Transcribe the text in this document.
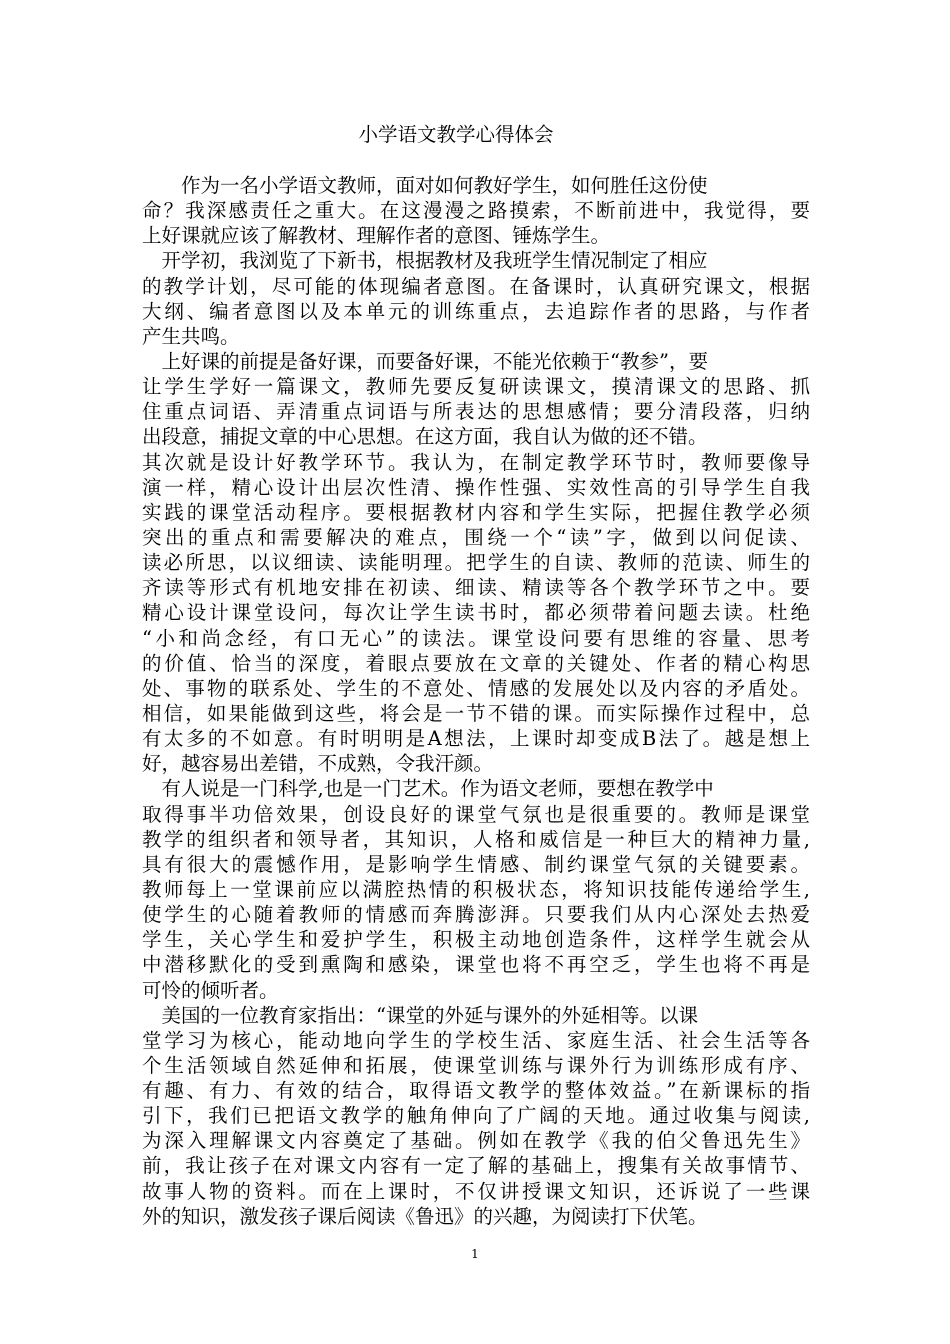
小学语文教学心得体会
　　作为一名小学语文教师，面对如何教好学生，如何胜任这份使
命？我深感责任之重大。在这漫漫之路摸索，不断前进中，我觉得，要
上好课就应该了解教材、理解作者的意图、锤炼学生。
　开学初，我浏览了下新书，根据教材及我班学生情况制定了相应
的教学计划，尽可能的体现编者意图。在备课时，认真研究课文，根据
大纲、编者意图以及本单元的训练重点，去追踪作者的思路，与作者
产生共鸣。
　上好课的前提是备好课，而要备好课，不能光依赖于“教参”，要
让学生学好一篇课文，教师先要反复研读课文，摸清课文的思路、抓
住重点词语、弄清重点词语与所表达的思想感情；要分清段落，归纳
出段意，捕捉文章的中心思想。在这方面，我自认为做的还不错。
其次就是设计好教学环节。我认为，在制定教学环节时，教师要像导
演一样，精心设计出层次性清、操作性强、实效性高的引导学生自我
实践的课堂活动程序。要根据教材内容和学生实际，把握住教学必须
突出的重点和需要解决的难点，围绕一个“读”字，做到以问促读、
读必所思，以议细读、读能明理。把学生的自读、教师的范读、师生的
齐读等形式有机地安排在初读、细读、精读等各个教学环节之中。要
精心设计课堂设问，每次让学生读书时，都必须带着问题去读。杜绝
“小和尚念经，有口无心”的读法。课堂设问要有思维的容量、思考
的价值、恰当的深度，着眼点要放在文章的关键处、作者的精心构思
处、事物的联系处、学生的不意处、情感的发展处以及内容的矛盾处。
相信，如果能做到这些，将会是一节不错的课。而实际操作过程中，总
有太多的不如意。有时明明是A想法，上课时却变成B法了。越是想上
好，越容易出差错，不成熟，令我汗颜。
　有人说是一门科学,也是一门艺术。作为语文老师，要想在教学中
取得事半功倍效果，创设良好的课堂气氛也是很重要的。教师是课堂
教学的组织者和领导者，其知识，人格和威信是一种巨大的精神力量,
具有很大的震憾作用，是影响学生情感、制约课堂气氛的关键要素。
教师每上一堂课前应以满腔热情的积极状态，将知识技能传递给学生,
使学生的心随着教师的情感而奔腾澎湃。只要我们从内心深处去热爱
学生，关心学生和爱护学生，积极主动地创造条件，这样学生就会从
中潜移默化的受到熏陶和感染，课堂也将不再空乏，学生也将不再是
可怜的倾听者。
　美国的一位教育家指出：“课堂的外延与课外的外延相等。以课
堂学习为核心，能动地向学生的学校生活、家庭生活、社会生活等各
个生活领域自然延伸和拓展，使课堂训练与课外行为训练形成有序、
有趣、有力、有效的结合，取得语文教学的整体效益。”在新课标的指
引下，我们已把语文教学的触角伸向了广阔的天地。通过收集与阅读,
为深入理解课文内容奠定了基础。例如在教学《我的伯父鲁迅先生》
前，我让孩子在对课文内容有一定了解的基础上，搜集有关故事情节、
故事人物的资料。而在上课时，不仅讲授课文知识，还诉说了一些课
外的知识，激发孩子课后阅读《鲁迅》的兴趣，为阅读打下伏笔。
1
